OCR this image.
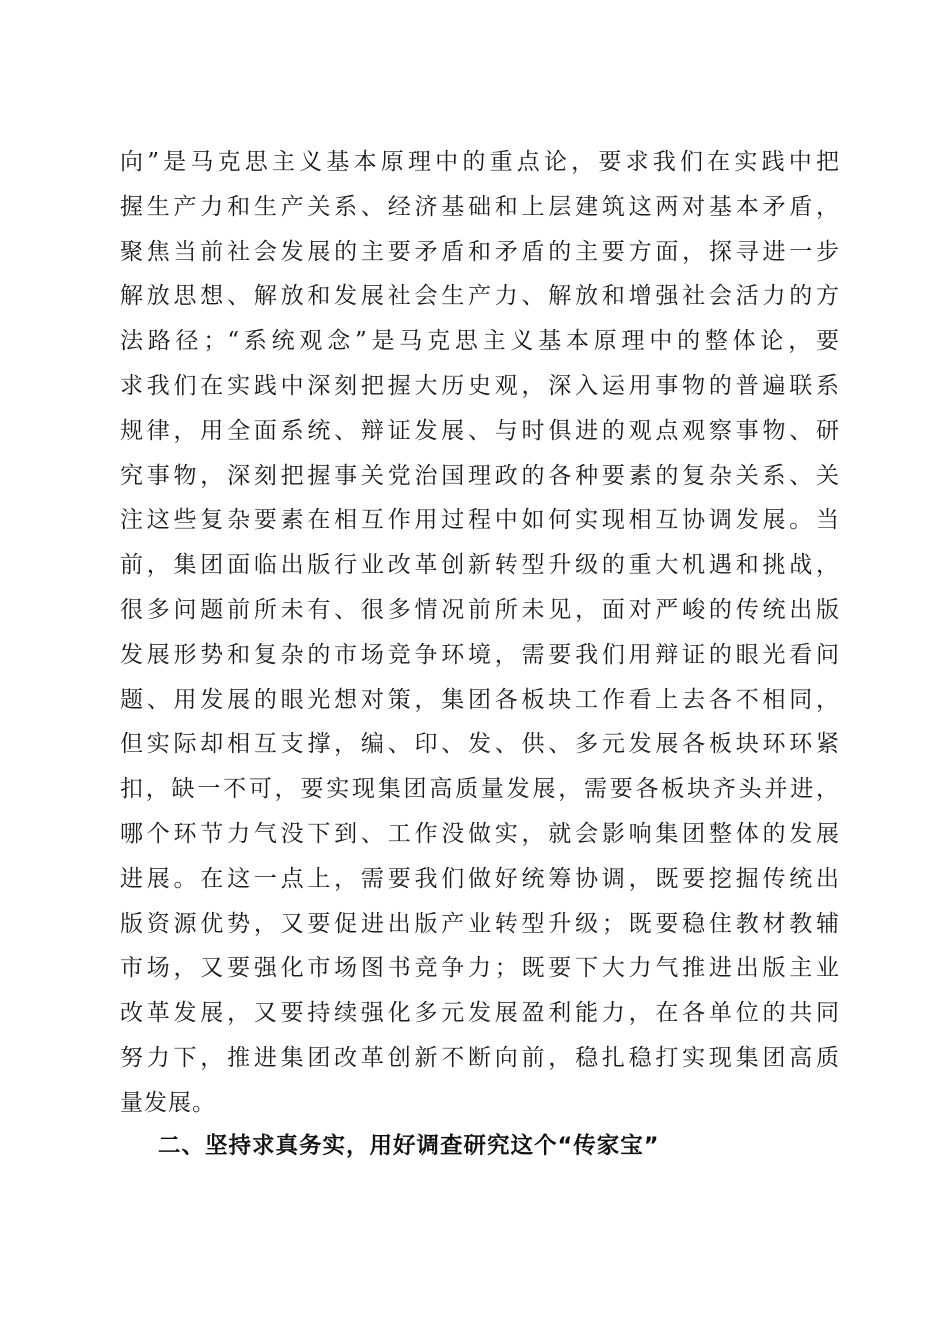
向”是马克思主义基本原理中的重点论，要求我们在实践中把
握生产力和生产关系、经济基础和上层建筑这两对基本矛盾，
聚焦当前社会发展的主要矛盾和矛盾的主要方面，探寻进一步
解放思想、解放和发展社会生产力、解放和增强社会活力的方
法路径；“系统观念”是马克思主义基本原理中的整体论，要
求我们在实践中深刻把握大历史观，深入运用事物的普遍联系
规律，用全面系统、辩证发展、与时俱进的观点观察事物、研
究事物，深刻把握事关党治国理政的各种要素的复杂关系、关
注这些复杂要素在相互作用过程中如何实现相互协调发展。当
前，集团面临出版行业改革创新转型升级的重大机遇和挑战，
很多问题前所未有、很多情况前所未见，面对严峻的传统出版
发展形势和复杂的市场竞争环境，需要我们用辩证的眼光看问
题、用发展的眼光想对策，集团各板块工作看上去各不相同，
但实际却相互支撑，编、印、发、供、多元发展各板块环环紧
扣，缺一不可，要实现集团高质量发展，需要各板块齐头并进，
哪个环节力气没下到、工作没做实，就会影响集团整体的发展
进展。在这一点上，需要我们做好统筹协调，既要挖掘传统出
版资源优势，又要促进出版产业转型升级；既要稳住教材教辅
市场，又要强化市场图书竞争力；既要下大力气推进出版主业
改革发展，又要持续强化多元发展盈利能力，在各单位的共同
努力下，推进集团改革创新不断向前，稳扎稳打实现集团高质
量发展。
二、坚持求真务实，用好调查研究这个“传家宝”
